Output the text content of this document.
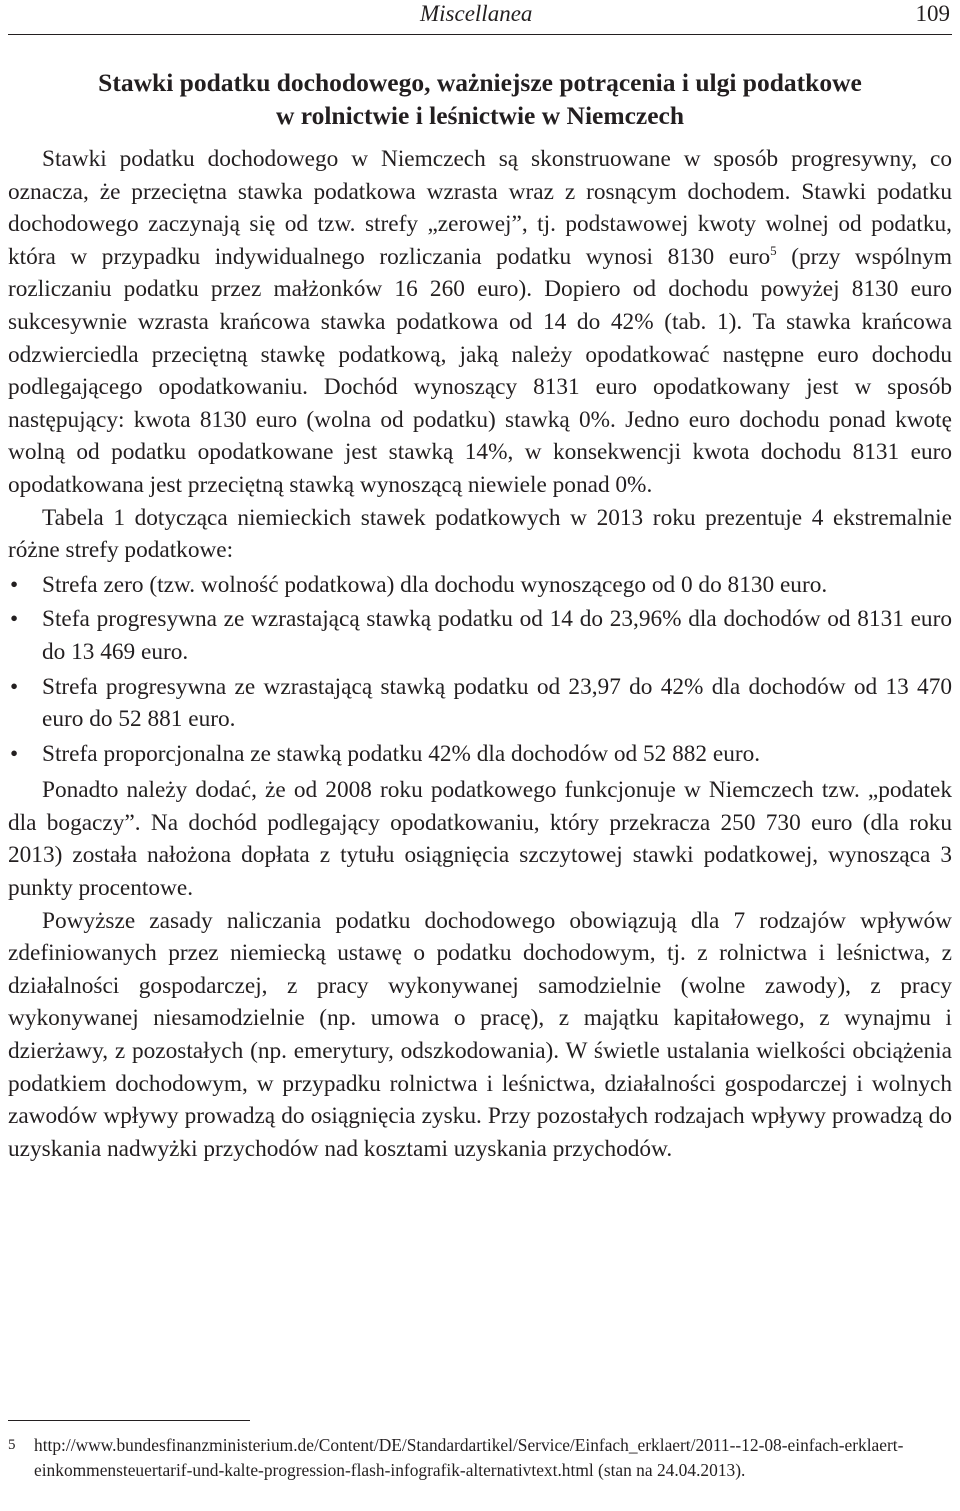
Miscellanea	109
Stawki podatku dochodowego, ważniejsze potrącenia i ulgi podatkowe
w rolnictwie i leśnictwie w Niemczech

Stawki podatku dochodowego w Niemczech są skonstruowane w sposób progresywny, co oznacza, że przeciętna stawka podatkowa wzrasta wraz z rosnącym dochodem. Stawki podatku dochodowego zaczynają się od tzw. strefy „zerowej”, tj. podstawowej kwoty wolnej od podatku, która w przypadku indywidualnego rozliczania podatku wynosi 8130 euro$^5$ (przy wspólnym rozliczaniu podatku przez małżonków 16 260 euro). Dopiero od dochodu powyżej 8130 euro sukcesywnie wzrasta krańcowa stawka podatkowa od 14 do 42% (tab. 1). Ta stawka krańcowa odzwierciedla przeciętną stawkę podatkową, jaką należy opodatkować następne euro dochodu podlegającego opodatkowaniu. Dochód wynoszący 8131 euro opodatkowany jest w sposób następujący: kwota 8130 euro (wolna od podatku) stawką 0%. Jedno euro dochodu ponad kwotę wolną od podatku opodatkowane jest stawką 14%, w konsekwencji kwota dochodu 8131 euro opodatkowana jest przeciętną stawką wynoszącą niewiele ponad 0%.

Tabela 1 dotycząca niemieckich stawek podatkowych w 2013 roku prezentuje 4 ekstremalnie różne strefy podatkowe:

• Strefa zero (tzw. wolność podatkowa) dla dochodu wynoszącego od 0 do 8130 euro.
• Stefa progresywna ze wzrastającą stawką podatku od 14 do 23,96% dla dochodów od 8131 euro do 13 469 euro.
• Strefa progresywna ze wzrastającą stawką podatku od 23,97 do 42% dla dochodów od 13 470 euro do 52 881 euro.
• Strefa proporcjonalna ze stawką podatku 42% dla dochodów od 52 882 euro.

Ponadto należy dodać, że od 2008 roku podatkowego funkcjonuje w Niemczech tzw. „podatek dla bogaczy”. Na dochód podlegający opodatkowaniu, który przekracza 250 730 euro (dla roku 2013) została nałożona dopłata z tytułu osiągnięcia szczytowej stawki podatkowej, wynosząca 3 punkty procentowe.

Powyższe zasady naliczania podatku dochodowego obowiązują dla 7 rodzajów wpływów zdefiniowanych przez niemiecką ustawę o podatku dochodowym, tj. z rolnictwa i leśnictwa, z działalności gospodarczej, z pracy wykonywanej samodzielnie (wolne zawody), z pracy wykonywanej niesamodzielnie (np. umowa o pracę), z majątku kapitałowego, z wynajmu i dzierżawy, z pozostałych (np. emerytury, odszkodowania). W świetle ustalania wielkości obciążenia podatkiem dochodowym, w przypadku rolnictwa i leśnictwa, działalności gospodarczej i wolnych zawodów wpływy prowadzą do osiągnięcia zysku. Przy pozostałych rodzajach wpływy prowadzą do uzyskania nadwyżki przychodów nad kosztami uzyskania przychodów.

5	http://www.bundesfinanzministerium.de/Content/DE/Standardartikel/Service/Einfach_erklaert/2011--12-08-einfach-erklaert-einkommensteuertarif-und-kalte-progression-flash-infografik-alternativtext.html (stan na 24.04.2013).
